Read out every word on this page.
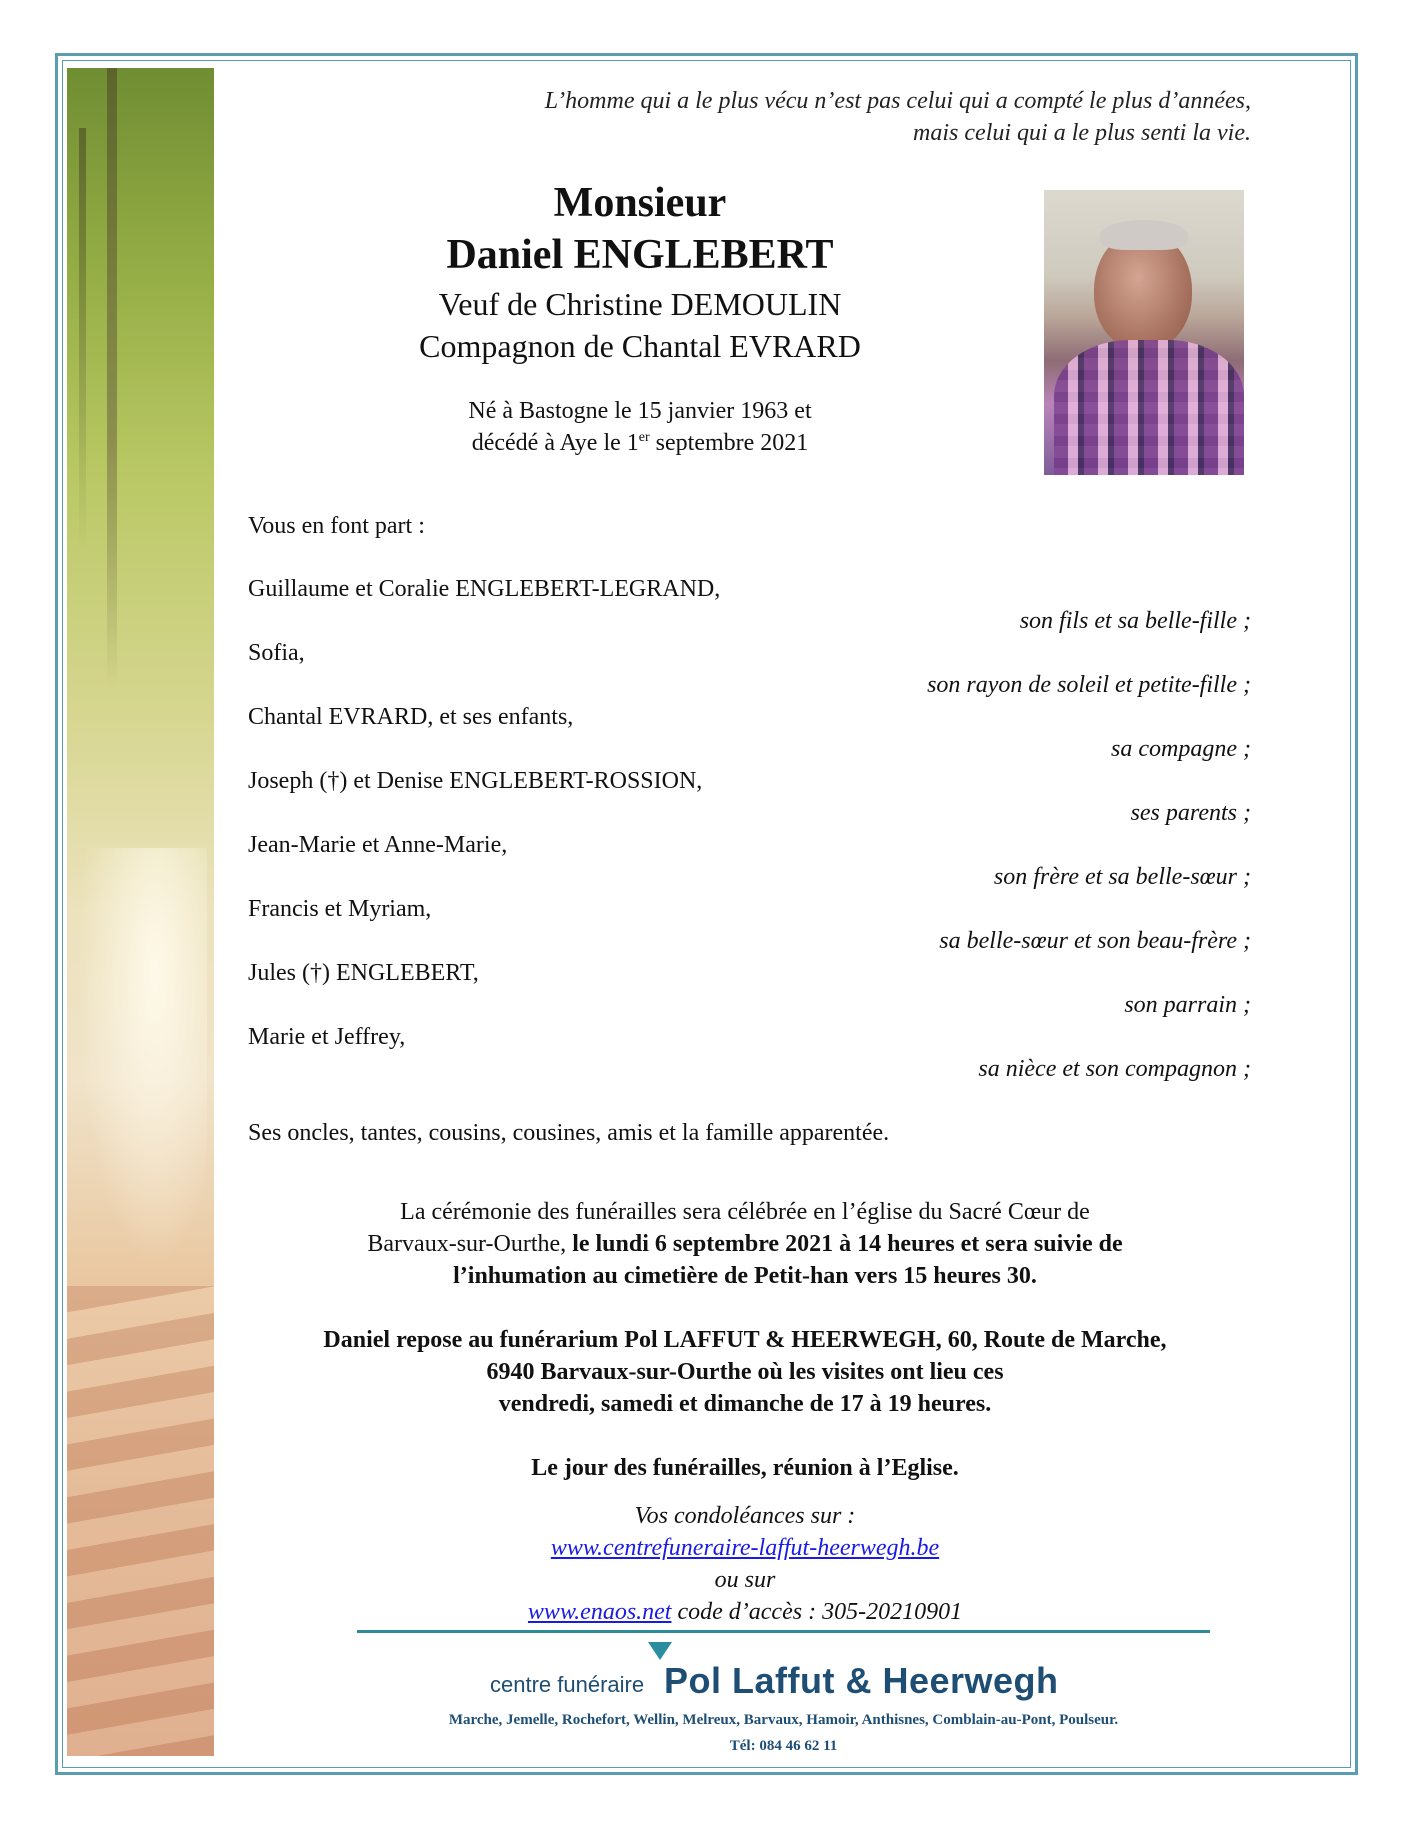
L’homme qui a le plus vécu n’est pas celui qui a compté le plus d’années,
mais celui qui a le plus senti la vie.
Monsieur
Daniel ENGLEBERT
Veuf de Christine DEMOULIN
Compagnon de Chantal EVRARD
Né à Bastogne le 15 janvier 1963 et
décédé à Aye le 1er septembre 2021
Vous en font part :
Guillaume et Coralie ENGLEBERT-LEGRAND,
son fils et sa belle-fille ;
Sofia,
son rayon de soleil et petite-fille ;
Chantal EVRARD, et ses enfants,
sa compagne ;
Joseph (†) et Denise ENGLEBERT-ROSSION,
ses parents ;
Jean-Marie et Anne-Marie,
son frère et sa belle-sœur ;
Francis et Myriam,
sa belle-sœur et son beau-frère ;
Jules (†) ENGLEBERT,
son parrain ;
Marie et Jeffrey,
sa nièce et son compagnon ;
Ses oncles, tantes, cousins, cousines, amis et la famille apparentée.
La cérémonie des funérailles sera célébrée en l’église du Sacré Cœur de
Barvaux-sur-Ourthe, le lundi 6 septembre 2021 à 14 heures et sera suivie de
l’inhumation au cimetière de Petit-han vers 15 heures 30.
Daniel repose au funérarium Pol LAFFUT & HEERWEGH, 60, Route de Marche,
6940 Barvaux-sur-Ourthe où les visites ont lieu ces
vendredi, samedi et dimanche de 17 à 19 heures.
Le jour des funérailles, réunion à l’Eglise.
Vos condoléances sur :
www.centrefuneraire-laffut-heerwegh.be
ou sur
www.enaos.net code d’accès : 305-20210901
centre funéraire Pol Laffut & Heerwegh
Marche, Jemelle, Rochefort, Wellin, Melreux, Barvaux, Hamoir, Anthisnes, Comblain-au-Pont, Poulseur.
Tél: 084 46 62 11
